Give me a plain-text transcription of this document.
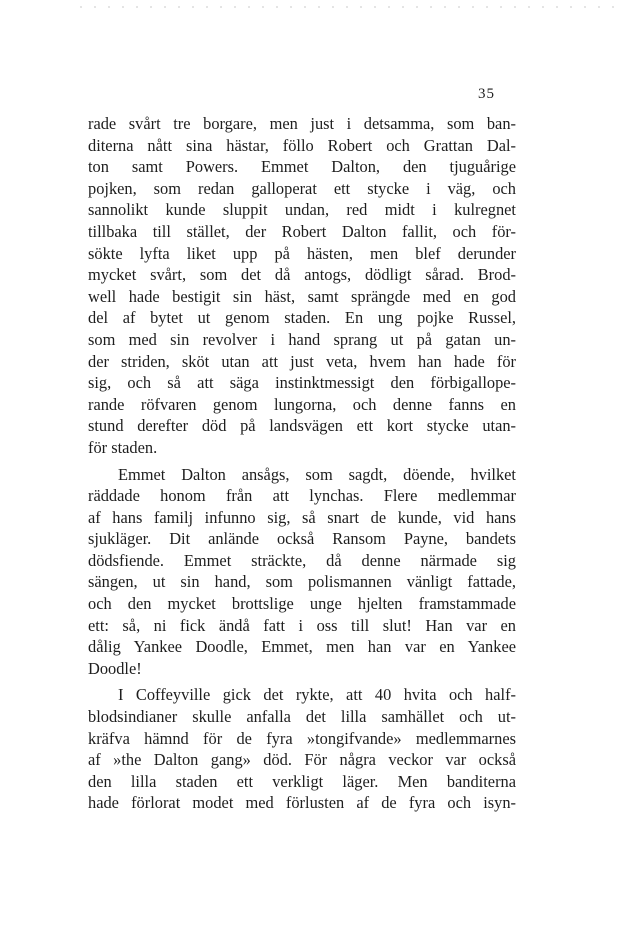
35
rade svårt tre borgare, men just i detsamma, som ban-
diterna nått sina hästar, föllo Robert och Grattan Dal-
ton samt Powers. Emmet Dalton, den tjuguårige
pojken, som redan galloperat ett stycke i väg, och
sannolikt kunde sluppit undan, red midt i kulregnet
tillbaka till stället, der Robert Dalton fallit, och för-
sökte lyfta liket upp på hästen, men blef derunder
mycket svårt, som det då antogs, dödligt sårad. Brod-
well hade bestigit sin häst, samt sprängde med en god
del af bytet ut genom staden. En ung pojke Russel,
som med sin revolver i hand sprang ut på gatan un-
der striden, sköt utan att just veta, hvem han hade för
sig, och så att säga instinktmessigt den förbigallope-
rande röfvaren genom lungorna, och denne fanns en
stund derefter död på landsvägen ett kort stycke utan-
för staden.
Emmet Dalton ansågs, som sagdt, döende, hvilket
räddade honom från att lynchas. Flere medlemmar
af hans familj infunno sig, så snart de kunde, vid hans
sjukläger. Dit anlände också Ransom Payne, bandets
dödsfiende. Emmet sträckte, då denne närmade sig
sängen, ut sin hand, som polismannen vänligt fattade,
och den mycket brottslige unge hjelten framstammade
ett: så, ni fick ändå fatt i oss till slut! Han var en
dålig Yankee Doodle, Emmet, men han var en Yankee
Doodle!
I Coffeyville gick det rykte, att 40 hvita och half-
blodsindianer skulle anfalla det lilla samhället och ut-
kräfva hämnd för de fyra »tongifvande» medlemmarnes
af »the Dalton gang» död. För några veckor var också
den lilla staden ett verkligt läger. Men banditerna
hade förlorat modet med förlusten af de fyra och isyn-
